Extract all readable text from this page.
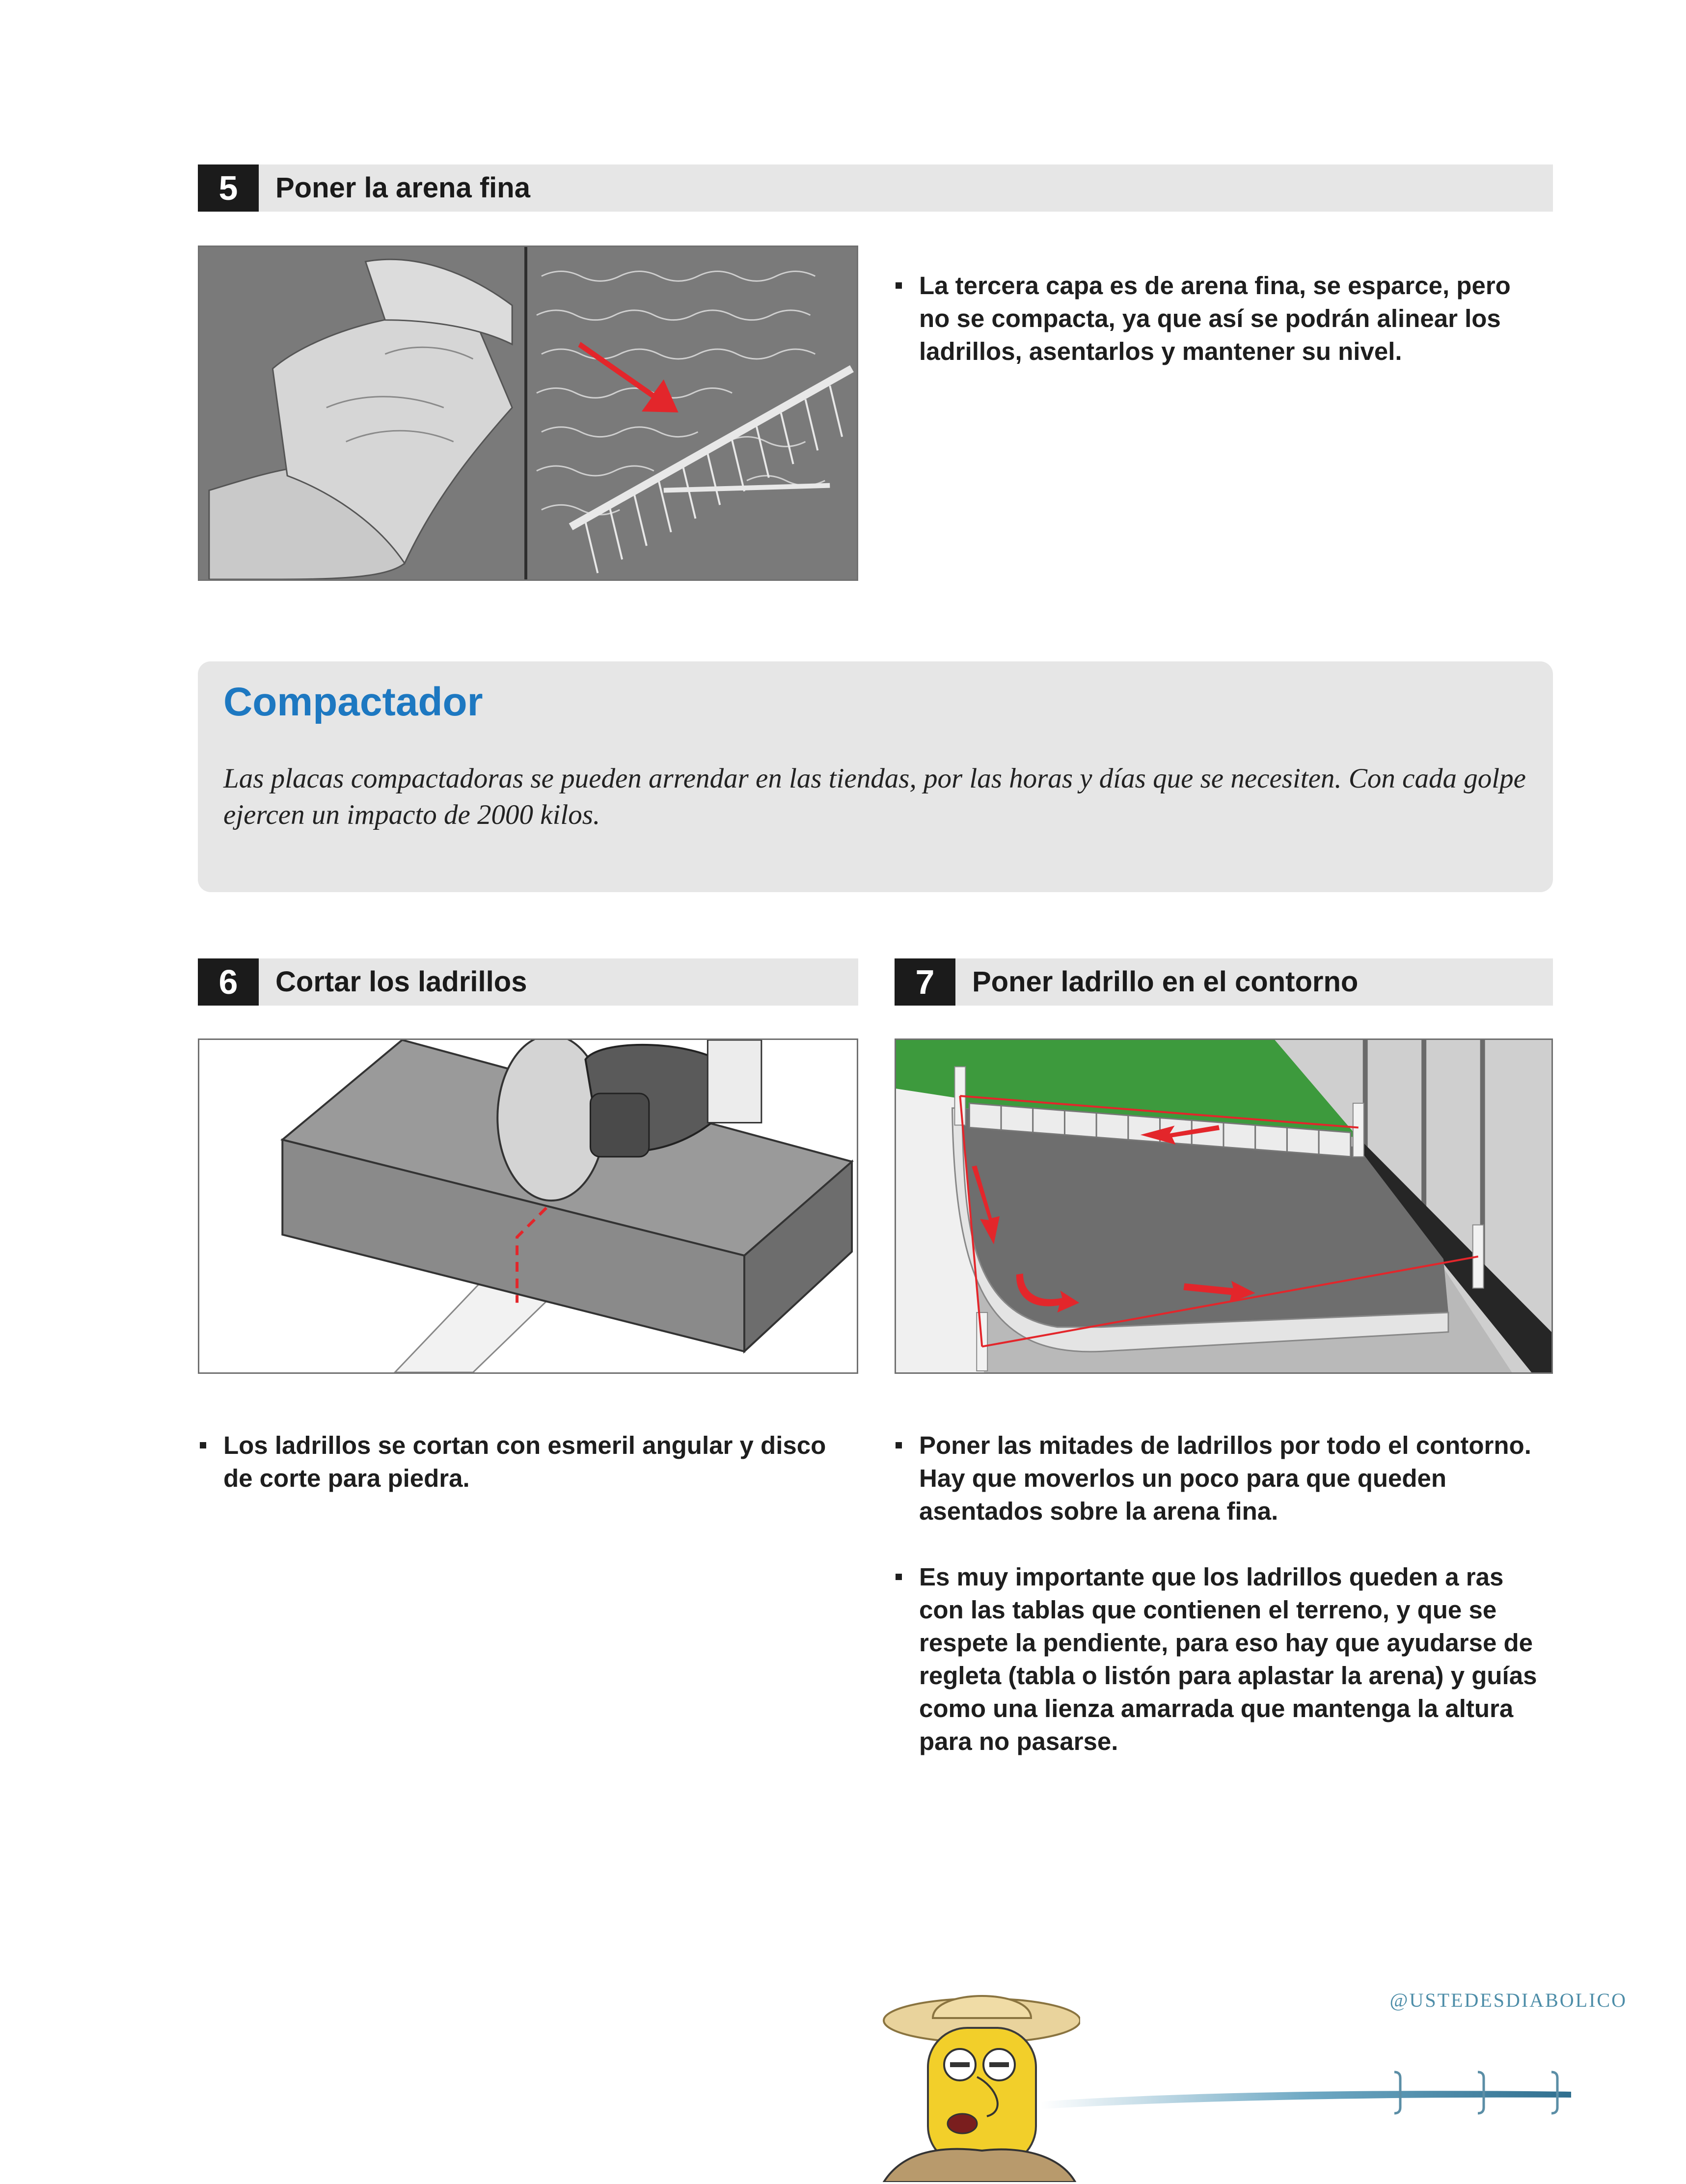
5	Poner la arena fina
La tercera capa es de arena fina, se esparce, pero no se compacta, ya que así se podrán alinear los ladrillos, asentarlos y mantener su nivel.
Compactador
Las placas compactadoras se pueden arrendar en las tiendas, por las horas y días que se necesiten. Con cada golpe ejercen un impacto de 2000 kilos.
6	Cortar los ladrillos
Los ladrillos se cortan con esmeril angular y disco de corte para piedra.
7	Poner ladrillo en el contorno
Poner las mitades de ladrillos por todo el contorno. Hay que moverlos un poco para que queden asentados sobre la arena fina.
Es muy importante que los ladrillos queden a ras con las tablas que contienen el terreno, y que se respete la pendiente, para eso hay que ayudarse de regleta (tabla o listón para aplastar la arena) y guías como una lienza amarrada que mantenga la altura para no pasarse.
@USTEDESDIABOLICO
